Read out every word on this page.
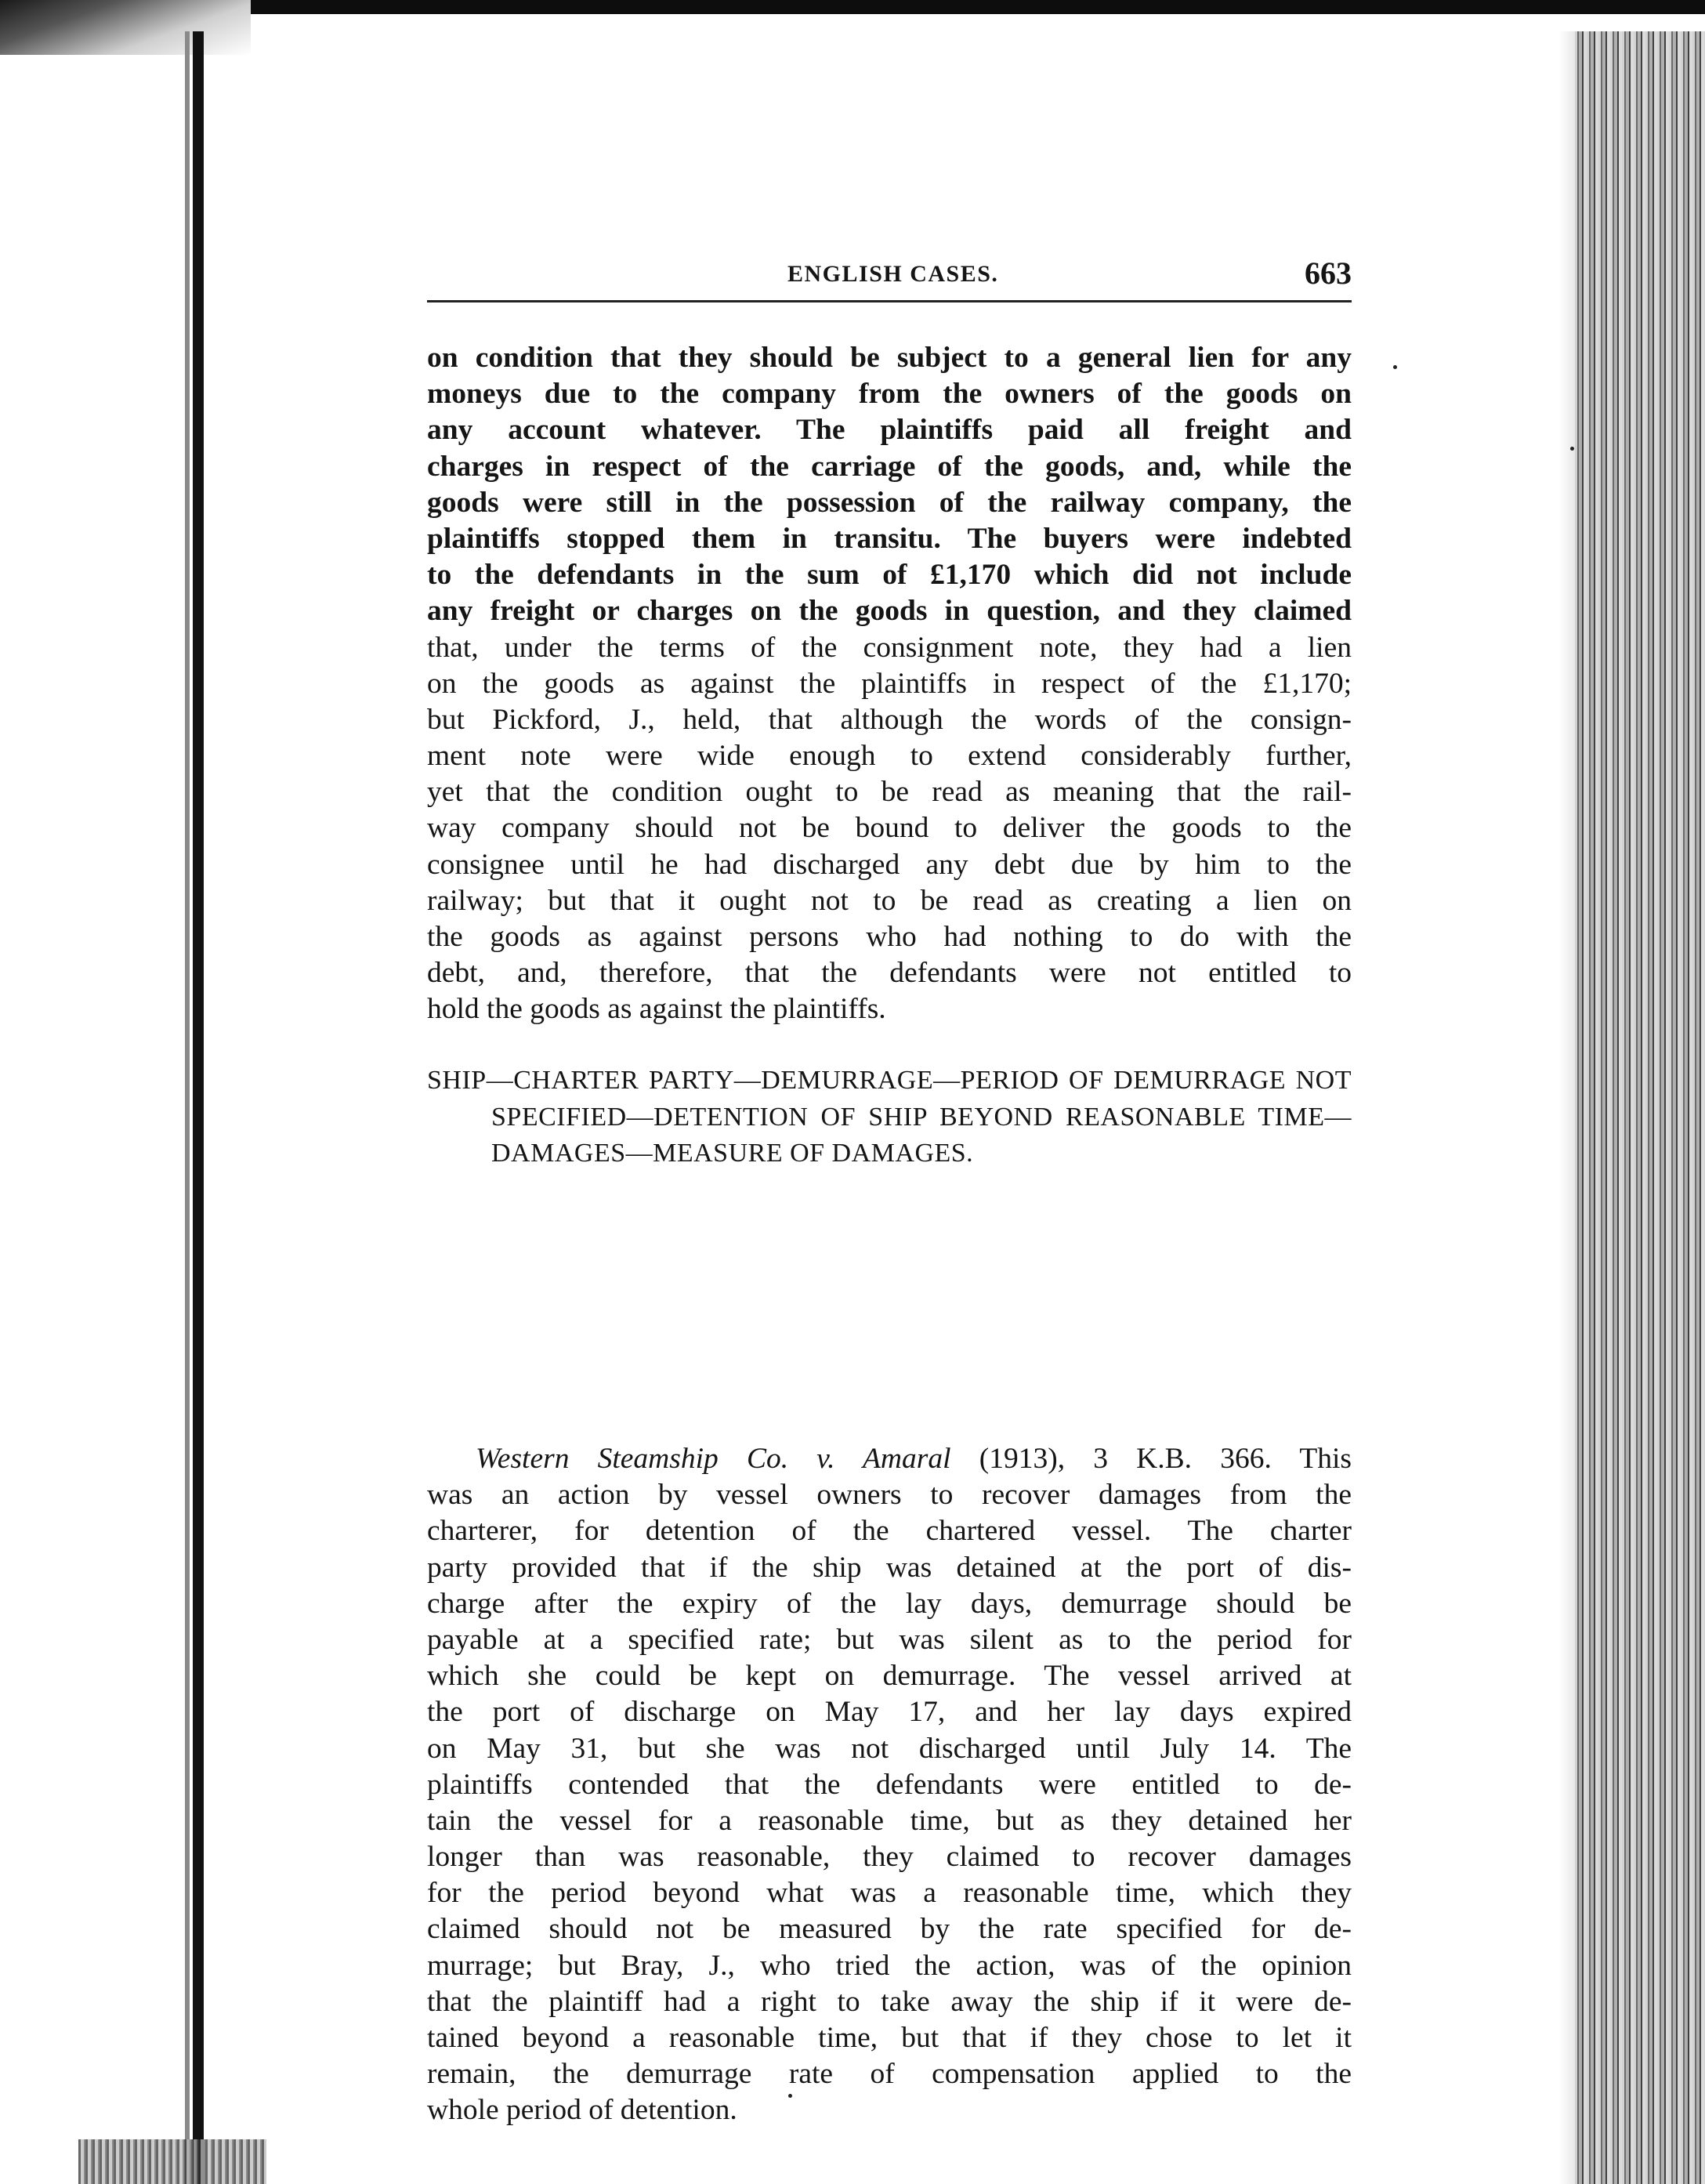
ENGLISH CASES.	663
on condition that they should be subject to a general lien for any
moneys due to the company from the owners of the goods on
any account whatever. The plaintiffs paid all freight and
charges in respect of the carriage of the goods, and, while the
goods were still in the possession of the railway company, the
plaintiffs stopped them in transitu. The buyers were indebted
to the defendants in the sum of £1,170 which did not include
any freight or charges on the goods in question, and they claimed
that, under the terms of the consignment note, they had a lien
on the goods as against the plaintiffs in respect of the £1,170;
but Pickford, J., held, that although the words of the consign-
ment note were wide enough to extend considerably further,
yet that the condition ought to be read as meaning that the rail-
way company should not be bound to deliver the goods to the
consignee until he had discharged any debt due by him to the
railway; but that it ought not to be read as creating a lien on
the goods as against persons who had nothing to do with the
debt, and, therefore, that the defendants were not entitled to
hold the goods as against the plaintiffs.
SHIP—CHARTER PARTY—DEMURRAGE—PERIOD OF DEMURRAGE NOT
SPECIFIED—DETENTION OF SHIP BEYOND REASONABLE TIME—
DAMAGES—MEASURE OF DAMAGES.
Western Steamship Co. v. Amaral (1913), 3 K.B. 366. This
was an action by vessel owners to recover damages from the
charterer, for detention of the chartered vessel. The charter
party provided that if the ship was detained at the port of dis-
charge after the expiry of the lay days, demurrage should be
payable at a specified rate; but was silent as to the period for
which she could be kept on demurrage. The vessel arrived at
the port of discharge on May 17, and her lay days expired
on May 31, but she was not discharged until July 14. The
plaintiffs contended that the defendants were entitled to de-
tain the vessel for a reasonable time, but as they detained her
longer than was reasonable, they claimed to recover damages
for the period beyond what was a reasonable time, which they
claimed should not be measured by the rate specified for de-
murrage; but Bray, J., who tried the action, was of the opinion
that the plaintiff had a right to take away the ship if it were de-
tained beyond a reasonable time, but that if they chose to let it
remain, the demurrage rate of compensation applied to the
whole period of detention.
